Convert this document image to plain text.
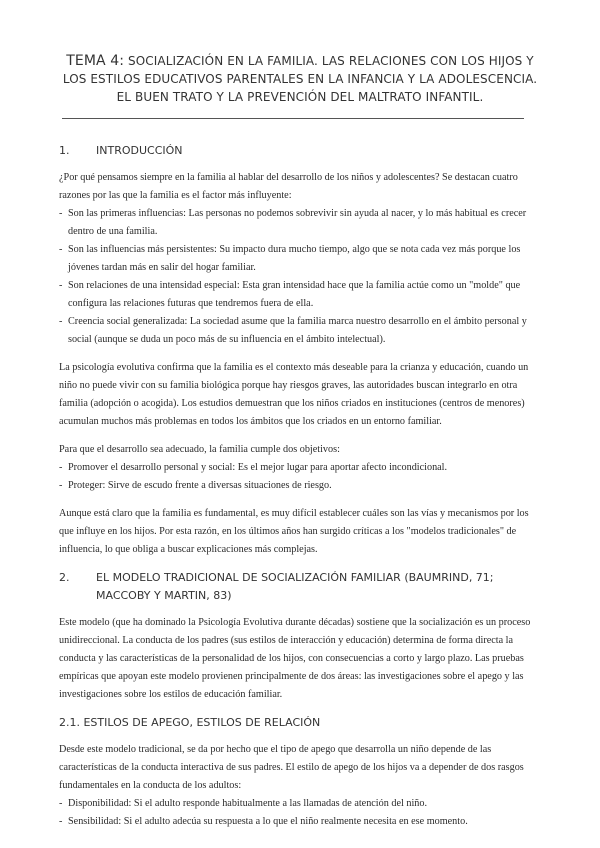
TEMA 4: SOCIALIZACIÓN EN LA FAMILIA. LAS RELACIONES CON LOS HIJOS Y
LOS ESTILOS EDUCATIVOS PARENTALES EN LA INFANCIA Y LA ADOLESCENCIA.
EL BUEN TRATO Y LA PREVENCIÓN DEL MALTRATO INFANTIL.
1. INTRODUCCIÓN
¿Por qué pensamos siempre en la familia al hablar del desarrollo de los niños y adolescentes? Se destacan cuatro
razones por las que la familia es el factor más influyente:
- Son las primeras influencias: Las personas no podemos sobrevivir sin ayuda al nacer, y lo más habitual es crecer dentro de una familia.
- Son las influencias más persistentes: Su impacto dura mucho tiempo, algo que se nota cada vez más porque los jóvenes tardan más en salir del hogar familiar.
- Son relaciones de una intensidad especial: Esta gran intensidad hace que la familia actúe como un "molde" que configura las relaciones futuras que tendremos fuera de ella.
- Creencia social generalizada: La sociedad asume que la familia marca nuestro desarrollo en el ámbito personal y social (aunque se duda un poco más de su influencia en el ámbito intelectual).

La psicología evolutiva confirma que la familia es el contexto más deseable para la crianza y educación, cuando un niño no puede vivir con su familia biológica porque hay riesgos graves, las autoridades buscan integrarlo en otra familia (adopción o acogida). Los estudios demuestran que los niños criados en instituciones (centros de menores) acumulan muchos más problemas en todos los ámbitos que los criados en un entorno familiar.

Para que el desarrollo sea adecuado, la familia cumple dos objetivos:
- Promover el desarrollo personal y social: Es el mejor lugar para aportar afecto incondicional.
- Proteger: Sirve de escudo frente a diversas situaciones de riesgo.

Aunque está claro que la familia es fundamental, es muy difícil establecer cuáles son las vías y mecanismos por los que influye en los hijos. Por esta razón, en los últimos años han surgido críticas a los "modelos tradicionales" de influencia, lo que obliga a buscar explicaciones más complejas.

2.	EL MODELO TRADICIONAL DE SOCIALIZACIÓN FAMILIAR (BAUMRIND, 71; MACCOBY Y MARTIN, 83)

Este modelo (que ha dominado la Psicología Evolutiva durante décadas) sostiene que la socialización es un proceso unidireccional. La conducta de los padres (sus estilos de interacción y educación) determina de forma directa la conducta y las características de la personalidad de los hijos, con consecuencias a corto y largo plazo. Las pruebas empíricas que apoyan este modelo provienen principalmente de dos áreas: las investigaciones sobre el apego y las investigaciones sobre los estilos de educación familiar.

2.1. ESTILOS DE APEGO, ESTILOS DE RELACIÓN

Desde este modelo tradicional, se da por hecho que el tipo de apego que desarrolla un niño depende de las características de la conducta interactiva de sus padres. El estilo de apego de los hijos va a depender de dos rasgos fundamentales en la conducta de los adultos:

- Disponibilidad: Si el adulto responde habitualmente a las llamadas de atención del niño.
- Sensibilidad: Si el adulto adecúa su respuesta a lo que el niño realmente necesita en ese momento.
